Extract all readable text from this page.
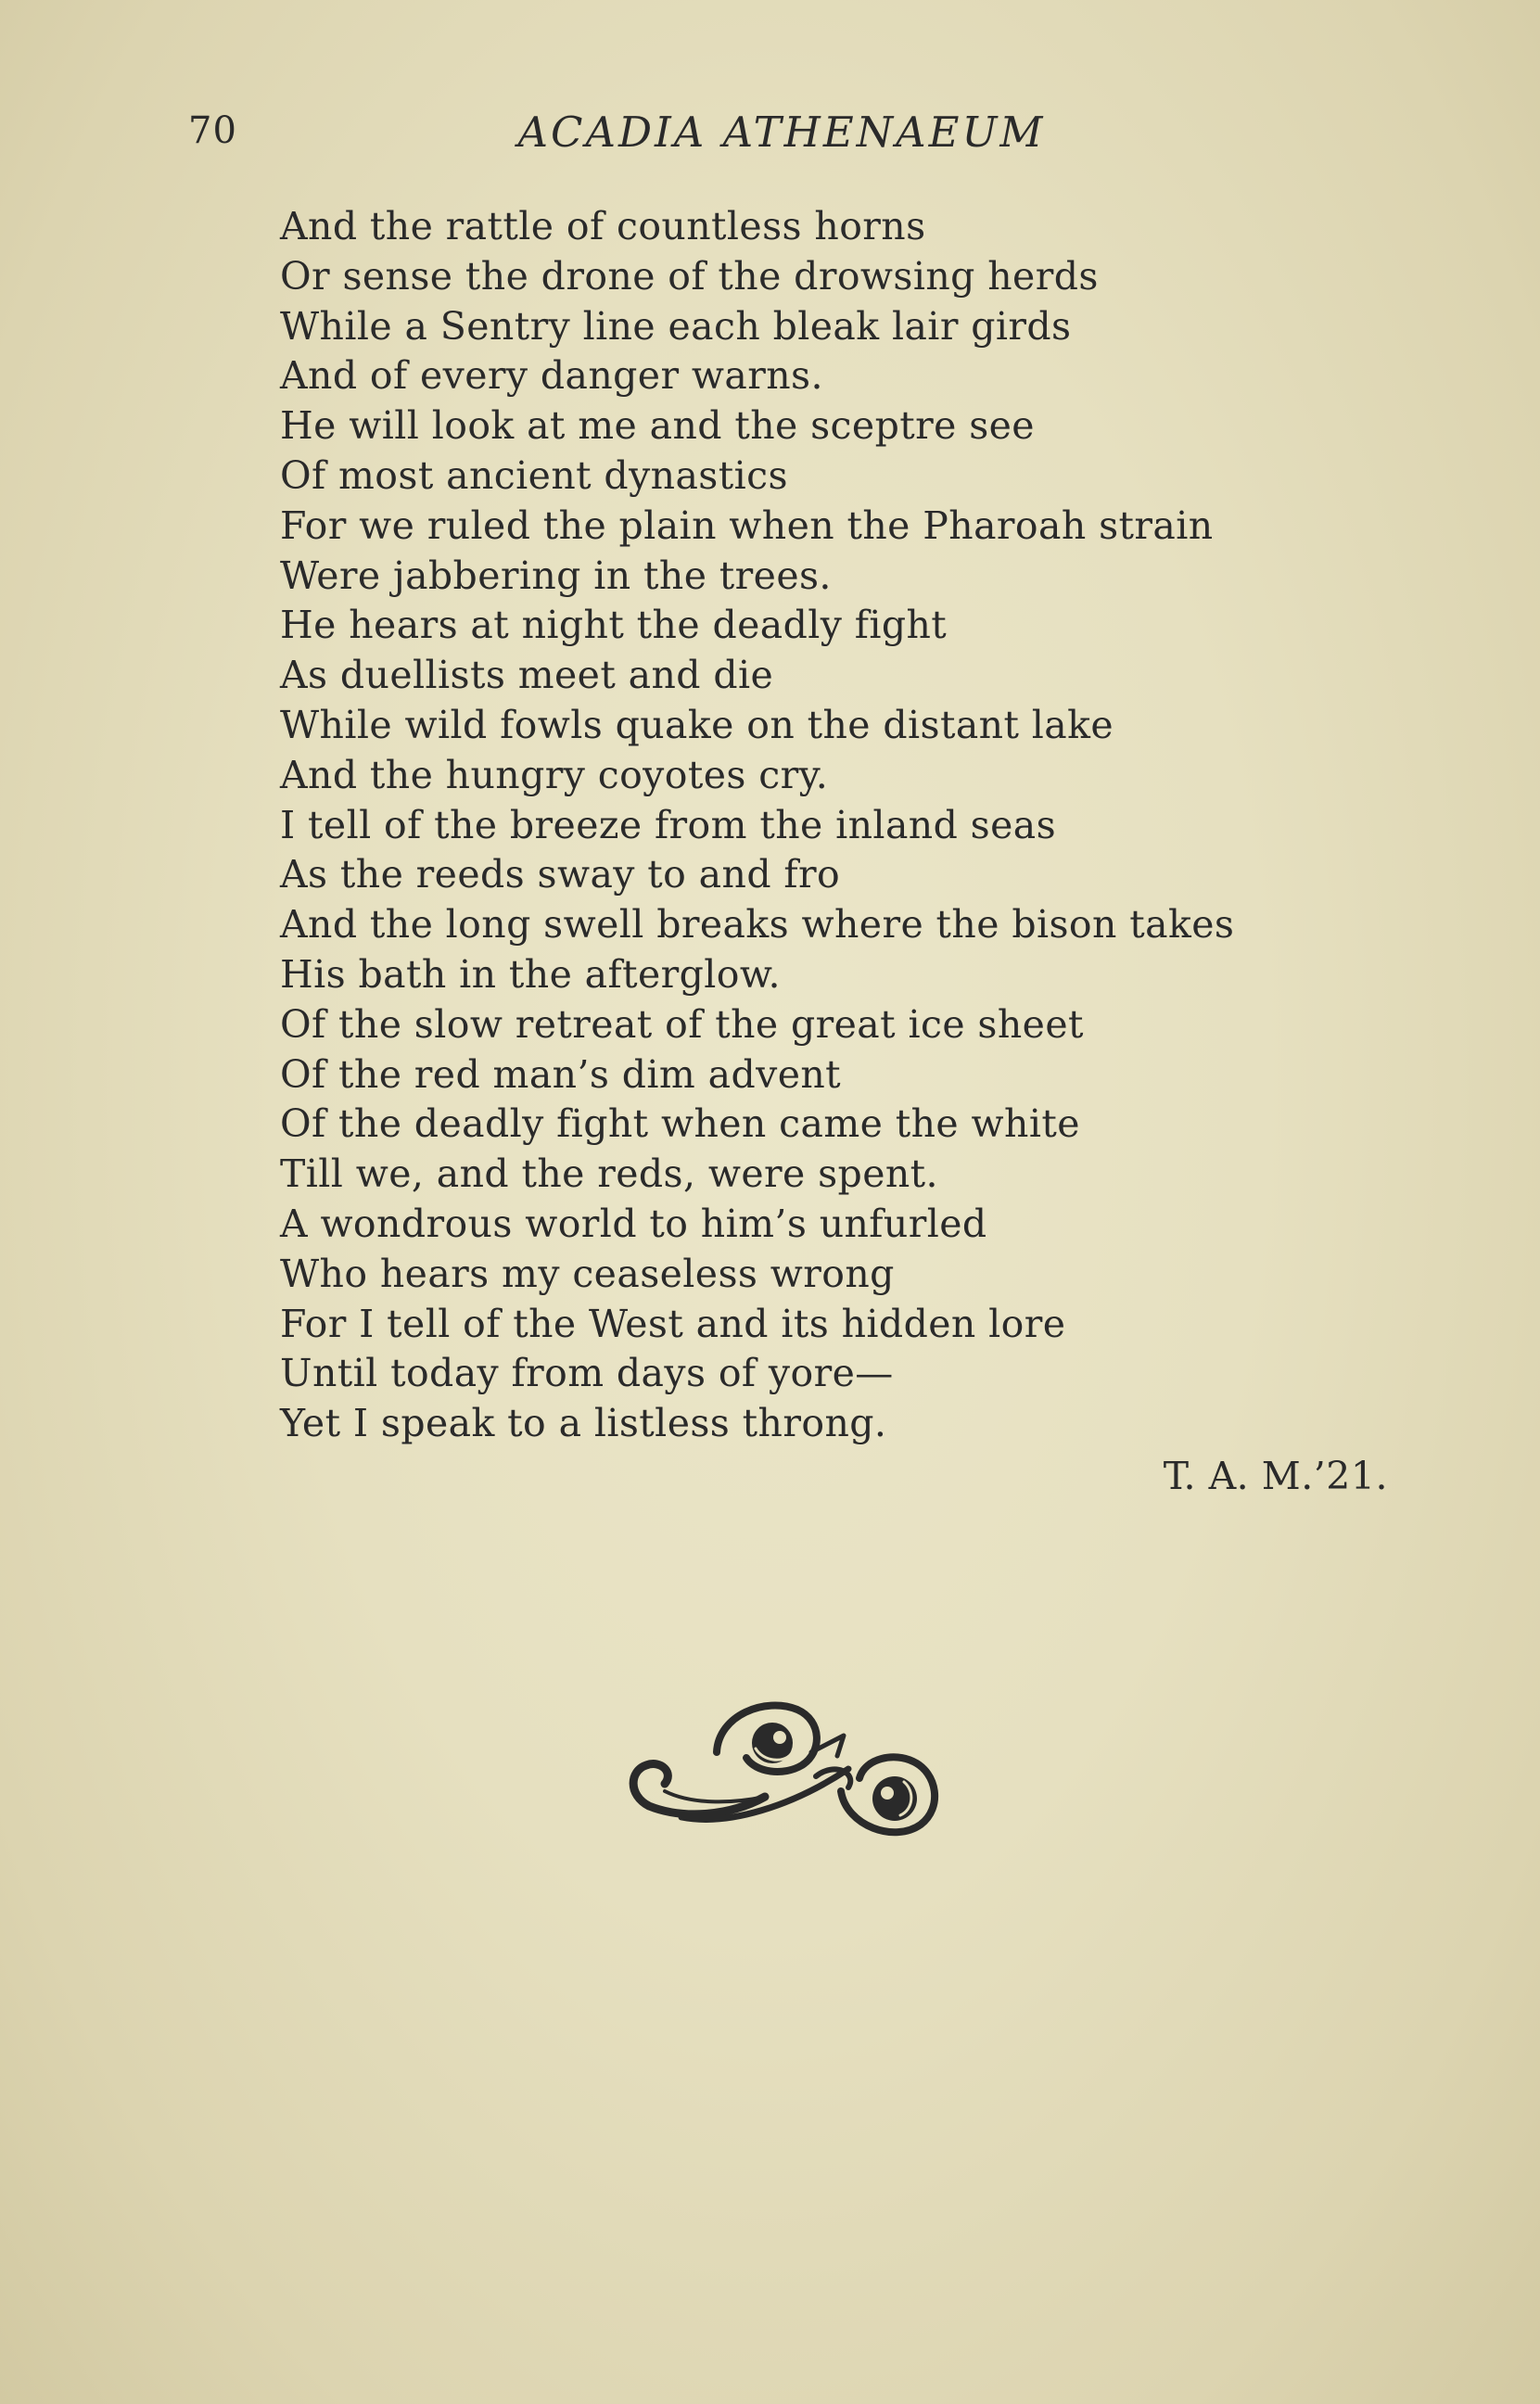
70	ACADIA ATHENAEUM
And the rattle of countless horns
Or sense the drone of the drowsing herds
While a Sentry line each bleak lair girds
And of every danger warns.
He will look at me and the sceptre see
Of most ancient dynastics
For we ruled the plain when the Pharoah strain
Were jabbering in the trees.
He hears at night the deadly fight
As duellists meet and die
While wild fowls quake on the distant lake
And the hungry coyotes cry.
I tell of the breeze from the inland seas
As the reeds sway to and fro
And the long swell breaks where the bison takes
His bath in the afterglow.
Of the slow retreat of the great ice sheet
Of the red man’s dim advent
Of the deadly fight when came the white
Till we, and the reds, were spent.
A wondrous world to him’s unfurled
Who hears my ceaseless wrong
For I tell of the West and its hidden lore
Until today from days of yore—
Yet I speak to a listless throng.
T. A. M.’21.
